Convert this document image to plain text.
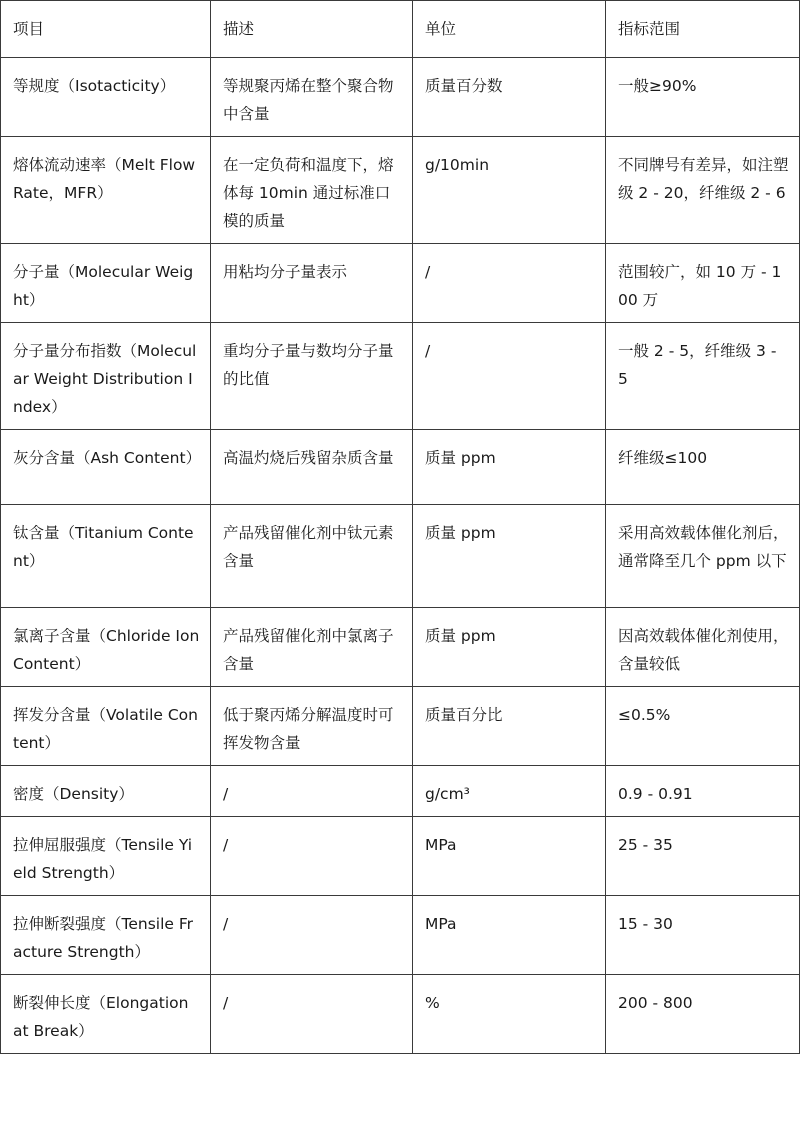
项目	描述	单位	指标范围
等规度（Isotacticity）	等规聚丙烯在整个聚合物中含量	质量百分数	一般≥90%
熔体流动速率（Melt Flow Rate，MFR）	在一定负荷和温度下，熔体每 10min 通过标准口模的质量	g/10min	不同牌号有差异，如注塑级 2 - 20，纤维级 2 - 6
分子量（Molecular Weight）	用粘均分子量表示	/	范围较广，如 10 万 - 100 万
分子量分布指数（Molecular Weight Distribution Index）	重均分子量与数均分子量的比值	/	一般 2 - 5，纤维级 3 - 5
灰分含量（Ash Content）	高温灼烧后残留杂质含量	质量 ppm	纤维级≤100
钛含量（Titanium Content）	产品残留催化剂中钛元素含量	质量 ppm	采用高效载体催化剂后，通常降至几个 ppm 以下
氯离子含量（Chloride Ion Content）	产品残留催化剂中氯离子含量	质量 ppm	因高效载体催化剂使用，含量较低
挥发分含量（Volatile Content）	低于聚丙烯分解温度时可挥发物含量	质量百分比	≤0.5%
密度（Density）	/	g/cm³	0.9 - 0.91
拉伸屈服强度（Tensile Yield Strength）	/	MPa	25 - 35
拉伸断裂强度（Tensile Fracture Strength）	/	MPa	15 - 30
断裂伸长度（Elongation at Break）	/	%	200 - 800
